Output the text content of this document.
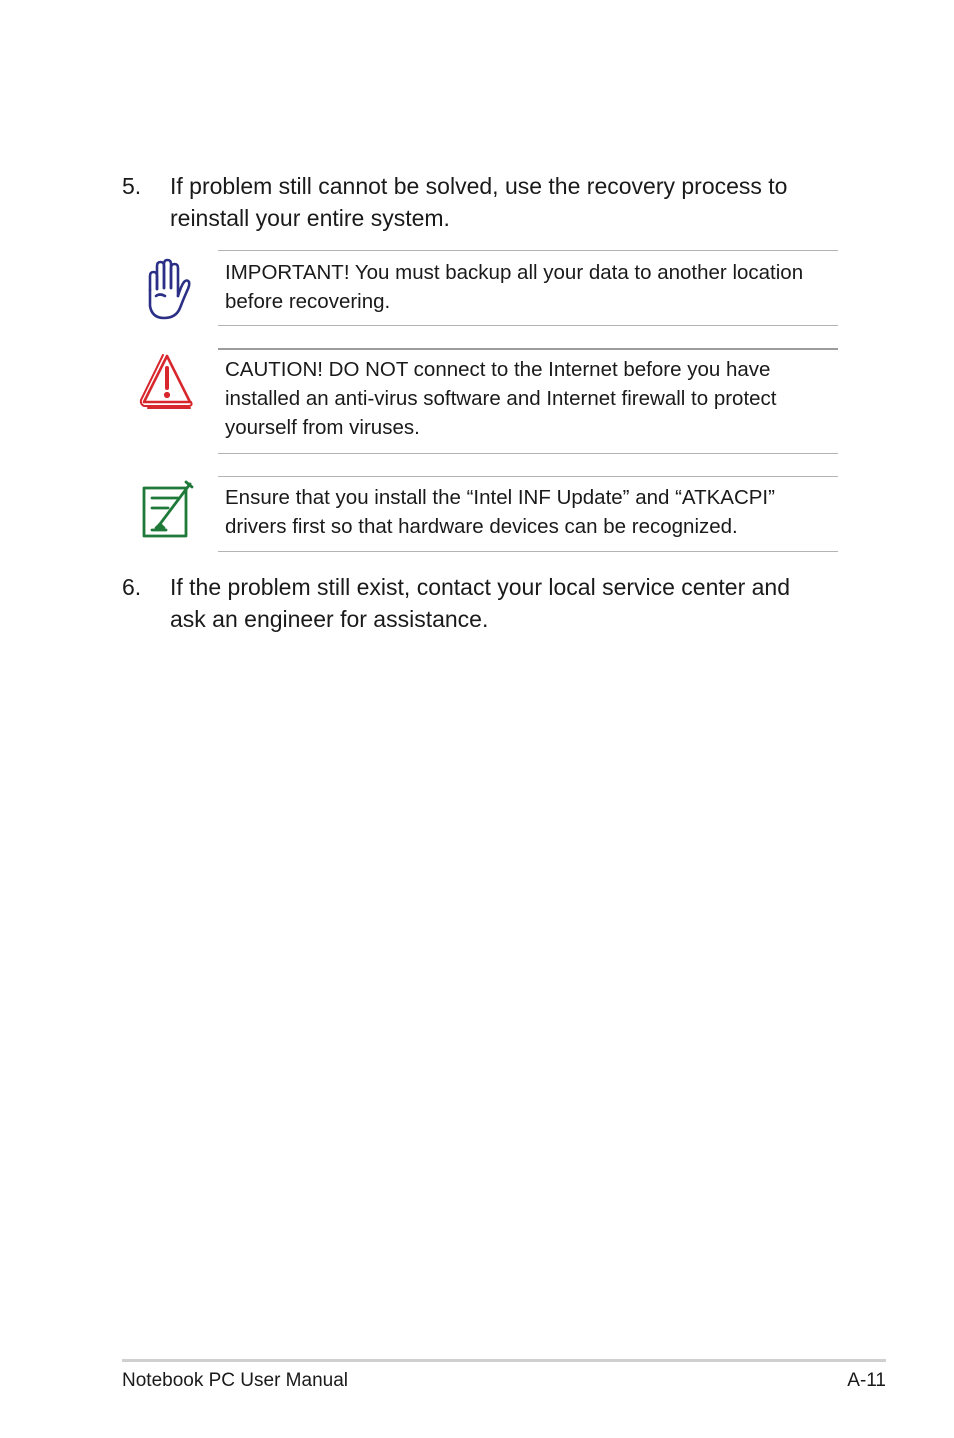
5. If problem still cannot be solved, use the recovery process to
reinstall your entire system.
IMPORTANT! You must backup all your data to another location
before recovering.
CAUTION! DO NOT connect to the Internet before you have
installed an anti-virus software and Internet firewall to protect
yourself from viruses.
Ensure that you install the “Intel INF Update” and “ATKACPI”
drivers first so that hardware devices can be recognized.
6. If the problem still exist, contact your local service center and
ask an engineer for assistance.
Notebook PC User Manual	A-11
